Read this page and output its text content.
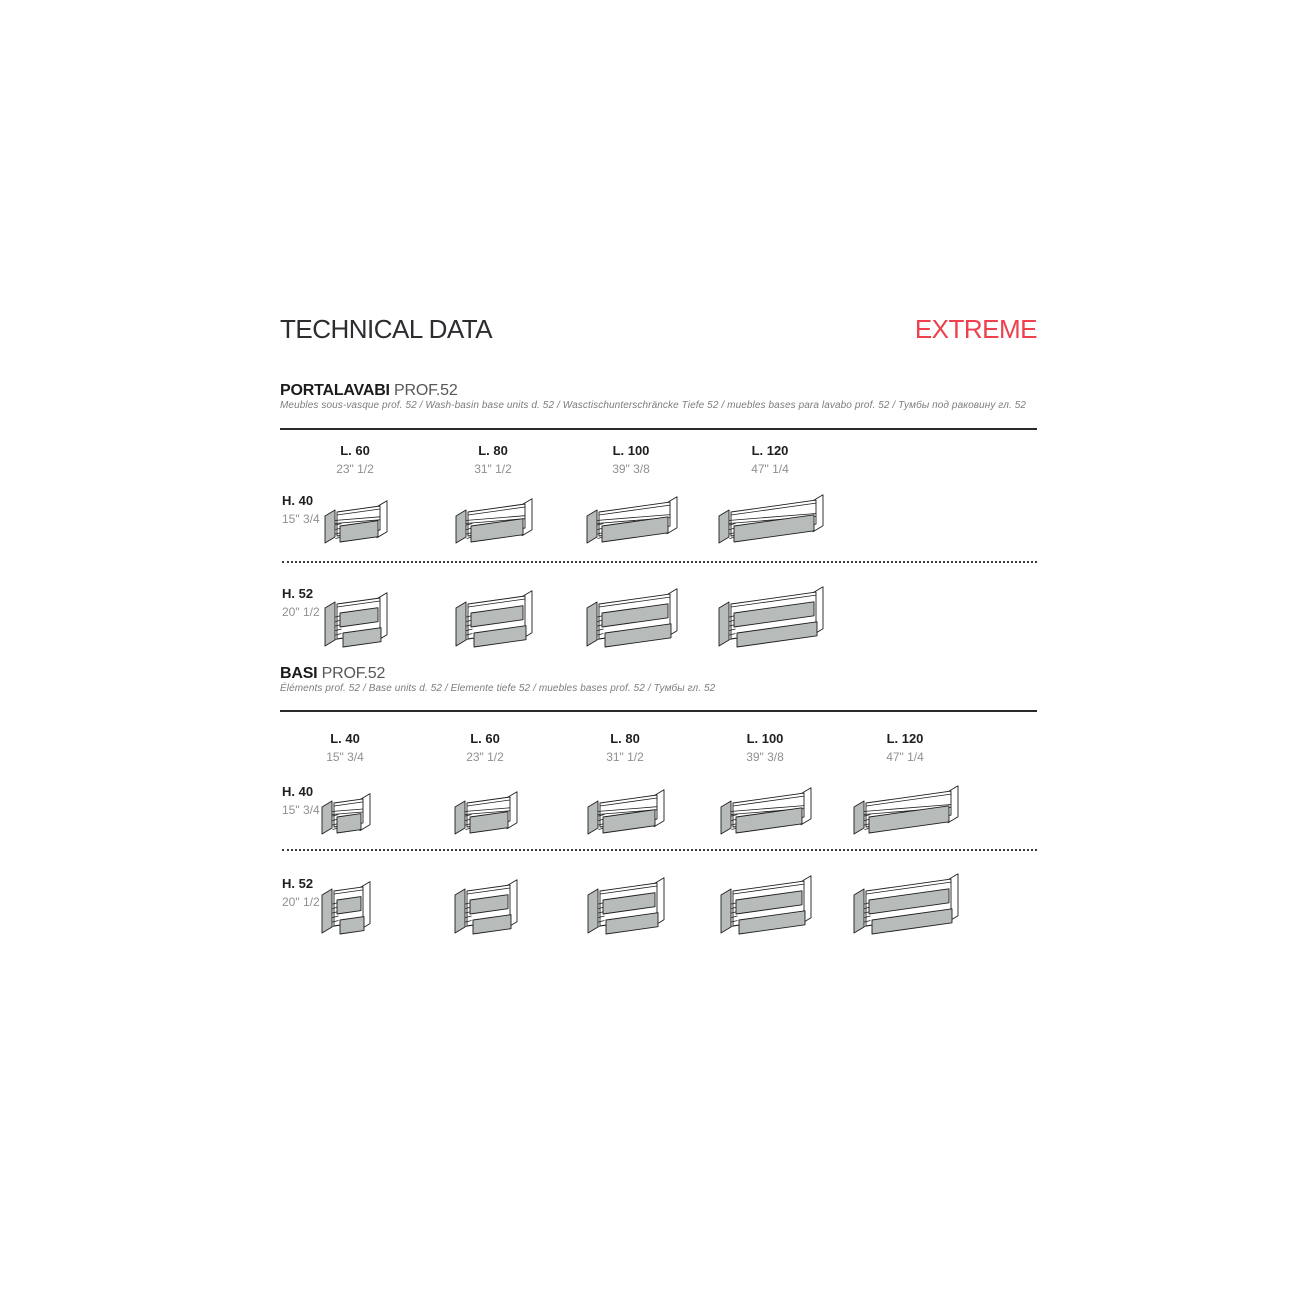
TECHNICAL DATA	EXTREME
PORTALAVABI PROF.52
Meubles sous-vasque prof. 52 / Wash-basin base units d. 52 / Wasctischunterschräncke Tiefe 52 / muebles bases para lavabo prof. 52 / Тумбы под раковину гл. 52
L. 60
23" 1/2
L. 80
31" 1/2
L. 100
39" 3/8
L. 120
47" 1/4
H. 40
15" 3/4
H. 52
20" 1/2
BASI PROF.52
Éléments prof. 52 / Base units d. 52 / Elemente tiefe 52 / muebles bases prof. 52 / Тумбы гл. 52
L. 40
15" 3/4
L. 60
23" 1/2
L. 80
31" 1/2
L. 100
39" 3/8
L. 120
47" 1/4
H. 40
15" 3/4
H. 52
20" 1/2
